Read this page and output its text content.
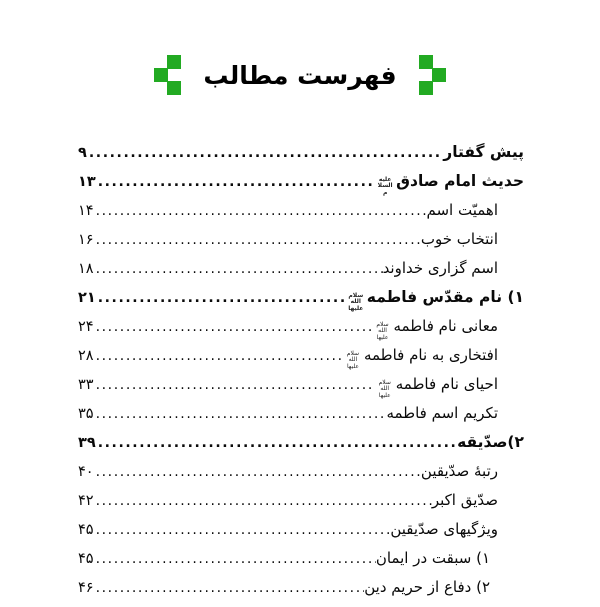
فهرست مطالب
پیش گفتار
.....
۹
حدیث امام صادق
علیه السلام
.....
۱۳
اهمیّت اسم
.....
۱۴
انتخاب خوب
.....
۱۶
اسم گزاری خداوند
.....
۱۸
۱) نام مقدّس فاطمه
سلام الله علیها
.....
۲۱
معانی نام فاطمه
سلام الله علیها
.....
۲۴
افتخاری به نام فاطمه
سلام الله علیها
.....
۲۸
احیای نام فاطمه
سلام الله علیها
.....
۳۳
تکریم اسم فاطمه
.....
۳۵
۲)صدّیقه
.....
۳۹
رتبهٔ صدّیقین
.....
۴۰
صدّیق اکبر
.....
۴۲
ویژگیهای صدّیقین
.....
۴۵
۱) سبقت در ایمان
.....
۴۵
۲) دفاع از حریم دین
.....
۴۶
